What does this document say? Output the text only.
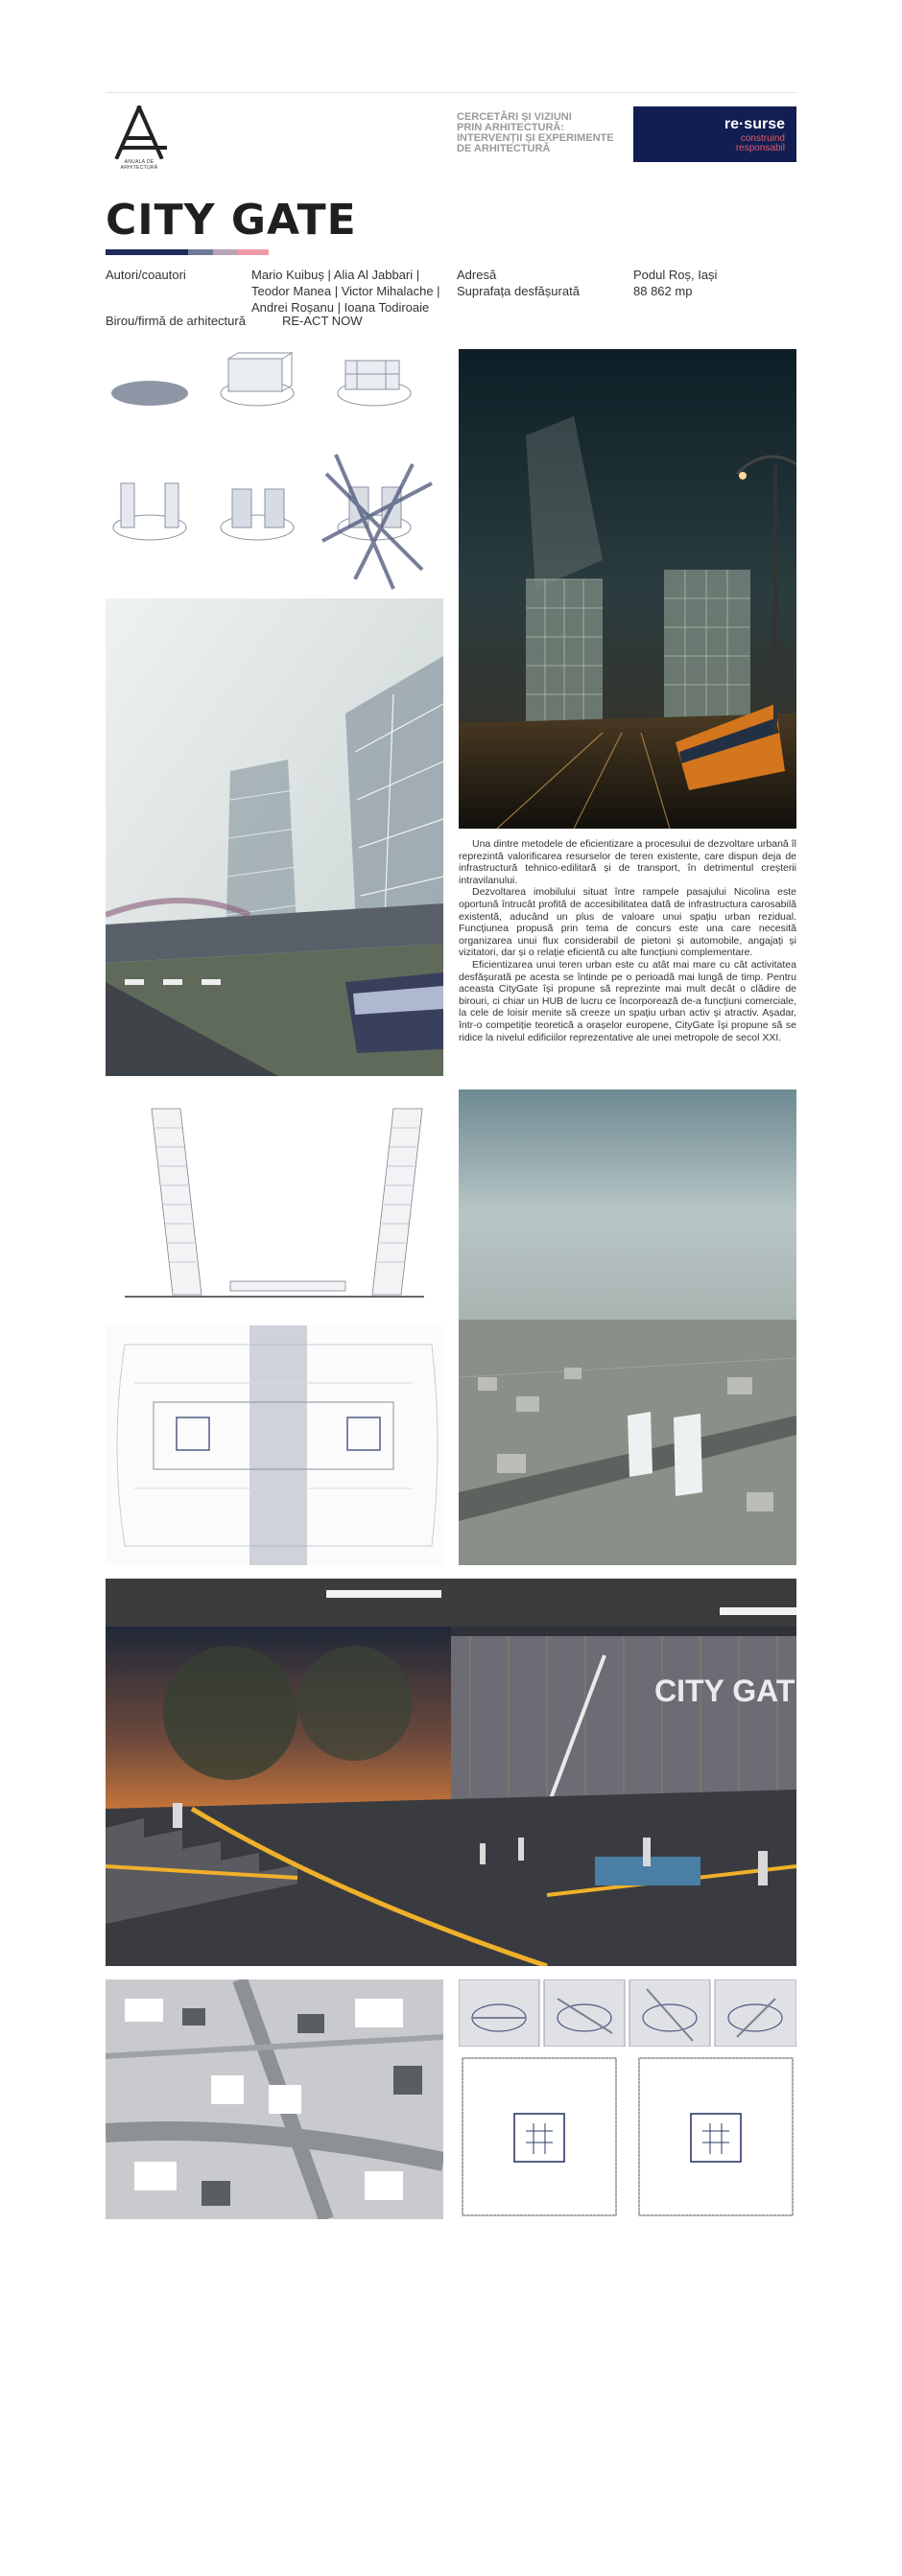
ANUALA DE ARHITECTURĂ
CERCETĂRI ȘI VIZIUNI
PRIN ARHITECTURĂ:
INTERVENȚII ȘI EXPERIMENTE
DE ARHITECTURĂ
re·surse
construind
responsabil
CITY GATE
Autori/coautori	Mario Kuibuș | Alia Al Jabbari |
Teodor Manea | Victor Mihalache |
Andrei Roșanu | Ioana Todiroaie
Birou/firmă de arhitectură	RE-ACT NOW
Adresă
Suprafața desfășurată
Podul Roș, Iași
88 862 mp

Una dintre metodele de eficientizare a procesului de dezvoltare urbană îl reprezintă valorificarea resurselor de teren existente, care dispun deja de infrastructură tehnico-edilitară și de transport, în detrimentul creșterii intravilanului.

Dezvoltarea imobilului situat între rampele pasajului Nicolina este oportună întrucât profită de accesibilitatea dată de infrastructura carosabilă existentă, aducând un plus de valoare unui spațiu urban rezidual. Funcțiunea propusă prin tema de concurs este una care necesită organizarea unui flux considerabil de pietoni și automobile, angajați și vizitatori, dar și o relație eficientă cu alte funcțiuni complementare.

Eficientizarea unui teren urban este cu atât mai mare cu cât activitatea desfășurată pe acesta se întinde pe o perioadă mai lungă de timp. Pentru aceasta CityGate își propune să reprezinte mai mult decât o clădire de birouri, ci chiar un HUB de lucru ce încorporează de-a funcțiuni comerciale, la cele de loisir menite să creeze un spațiu urban activ și atractiv. Așadar, într-o competiție teoretică a orașelor europene, CityGate își propune să se ridice la nivelul edificiilor reprezentative ale unei metropole de secol XXI.

CITY GAT
